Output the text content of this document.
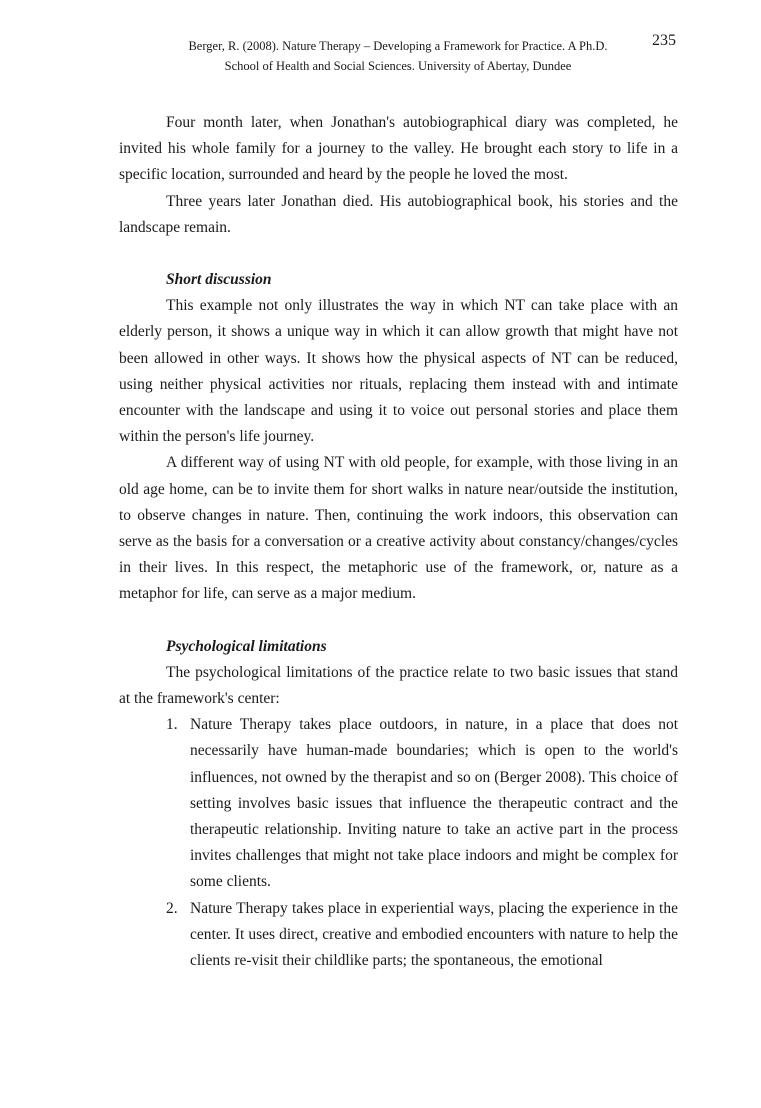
Berger, R. (2008). Nature Therapy – Developing a Framework for Practice. A Ph.D.
School of Health and Social Sciences. University of Abertay, Dundee
235

Four month later, when Jonathan's autobiographical diary was completed, he invited his whole family for a journey to the valley. He brought each story to life in a specific location, surrounded and heard by the people he loved the most.

Three years later Jonathan died. His autobiographical book, his stories and the landscape remain.

Short discussion

This example not only illustrates the way in which NT can take place with an elderly person, it shows a unique way in which it can allow growth that might have not been allowed in other ways. It shows how the physical aspects of NT can be reduced, using neither physical activities nor rituals, replacing them instead with and intimate encounter with the landscape and using it to voice out personal stories and place them within the person's life journey.

A different way of using NT with old people, for example, with those living in an old age home, can be to invite them for short walks in nature near/outside the institution, to observe changes in nature. Then, continuing the work indoors, this observation can serve as the basis for a conversation or a creative activity about constancy/changes/cycles in their lives. In this respect, the metaphoric use of the framework, or, nature as a metaphor for life, can serve as a major medium.

Psychological limitations

The psychological limitations of the practice relate to two basic issues that stand at the framework's center:

1. Nature Therapy takes place outdoors, in nature, in a place that does not necessarily have human-made boundaries; which is open to the world's influences, not owned by the therapist and so on (Berger 2008). This choice of setting involves basic issues that influence the therapeutic contract and the therapeutic relationship. Inviting nature to take an active part in the process invites challenges that might not take place indoors and might be complex for some clients.
2. Nature Therapy takes place in experiential ways, placing the experience in the center. It uses direct, creative and embodied encounters with nature to help the clients re-visit their childlike parts; the spontaneous, the emotional
